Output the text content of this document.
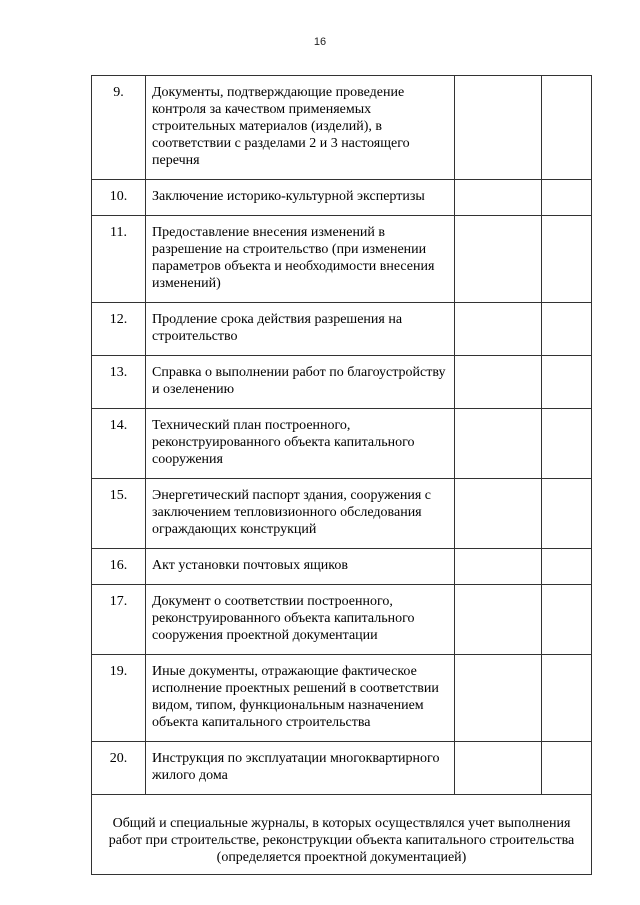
16
9.	Документы, подтверждающие проведение контроля за качеством применяемых строительных материалов (изделий), в соответствии с разделами 2 и 3 настоящего перечня		
10.	Заключение историко-культурной экспертизы		
11.	Предоставление внесения изменений в разрешение на строительство (при изменении параметров объекта и необходимости внесения изменений)		
12.	Продление срока действия разрешения на строительство		
13.	Справка о выполнении работ по благоустройству и озеленению		
14.	Технический план построенного, реконструированного объекта капитального сооружения		
15.	Энергетический паспорт здания, сооружения с заключением тепловизионного обследования ограждающих конструкций		
16.	Акт установки почтовых ящиков		
17.	Документ о соответствии построенного, реконструированного объекта капитального сооружения проектной документации		
19.	Иные документы, отражающие фактическое исполнение проектных решений в соответствии видом, типом, функциональным назначением объекта капитального строительства		
20.	Инструкция по эксплуатации многоквартирного жилого дома		
Общий и специальные журналы, в которых осуществлялся учет выполнения работ при строительстве, реконструкции объекта капитального строительства (определяется проектной документацией)			
